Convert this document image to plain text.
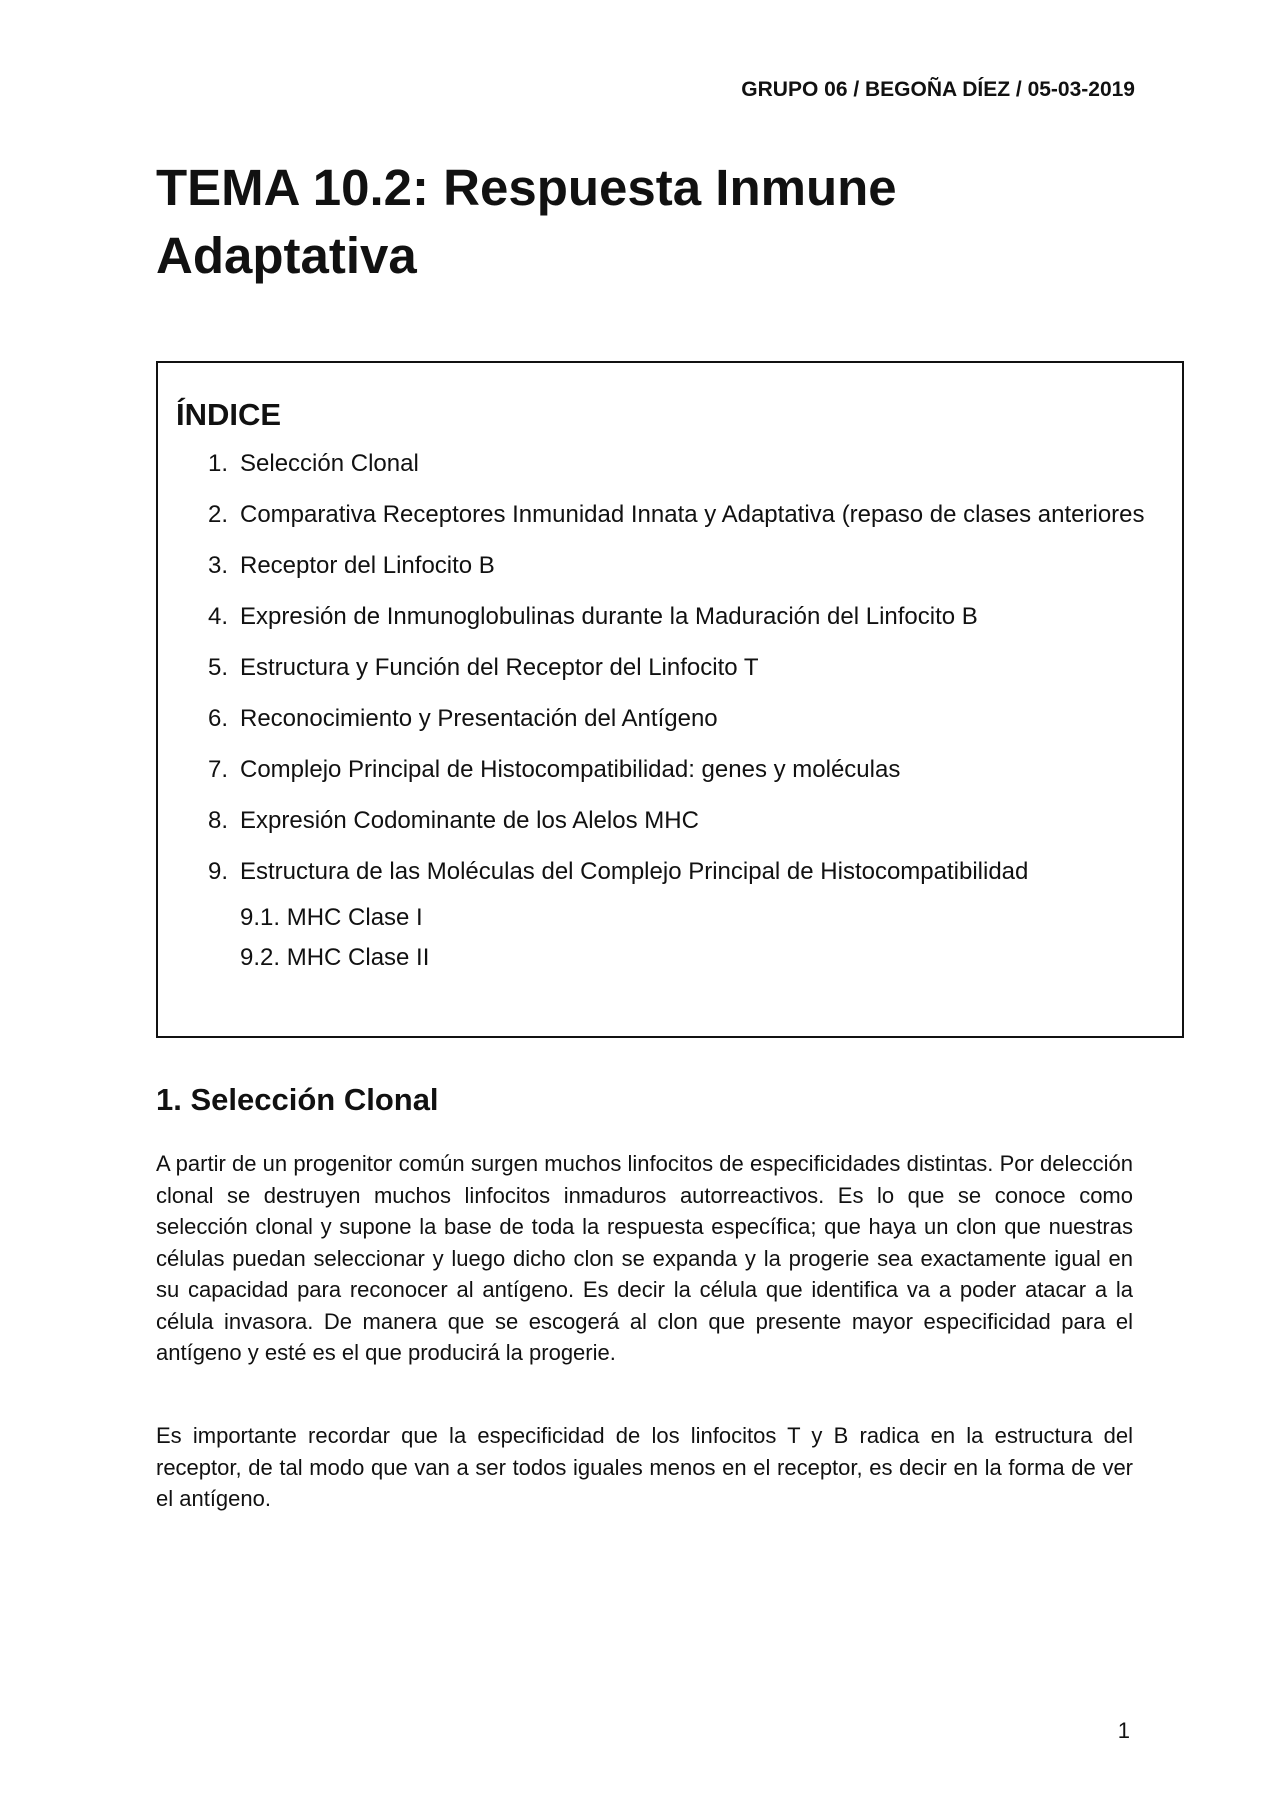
GRUPO 06 / BEGOÑA DÍEZ / 05-03-2019
TEMA 10.2: Respuesta Inmune
Adaptativa
ÍNDICE
1. Selección Clonal
2. Comparativa Receptores Inmunidad Innata y Adaptativa (repaso de clases anteriores
3. Receptor del Linfocito B
4. Expresión de Inmunoglobulinas durante la Maduración del Linfocito B
5. Estructura y Función del Receptor del Linfocito T
6. Reconocimiento y Presentación del Antígeno
7. Complejo Principal de Histocompatibilidad: genes y moléculas
8. Expresión Codominante de los Alelos MHC
9. Estructura de las Moléculas del Complejo Principal de Histocompatibilidad
9.1. MHC Clase I
9.2. MHC Clase II
1. Selección Clonal

A partir de un progenitor común surgen muchos linfocitos de especificidades distintas. Por delección clonal se destruyen muchos linfocitos inmaduros autorreactivos. Es lo que se conoce como selección clonal y supone la base de toda la respuesta específica; que haya un clon que nuestras células puedan seleccionar y luego dicho clon se expanda y la progerie sea exactamente igual en su capacidad para reconocer al antígeno. Es decir la célula que identifica va a poder atacar a la célula invasora. De manera que se escogerá al clon que presente mayor especificidad para el antígeno y esté es el que producirá la progerie.

Es importante recordar que la especificidad de los linfocitos T y B radica en la estructura del receptor, de tal modo que van a ser todos iguales menos en el receptor, es decir en la forma de ver el antígeno.

1
